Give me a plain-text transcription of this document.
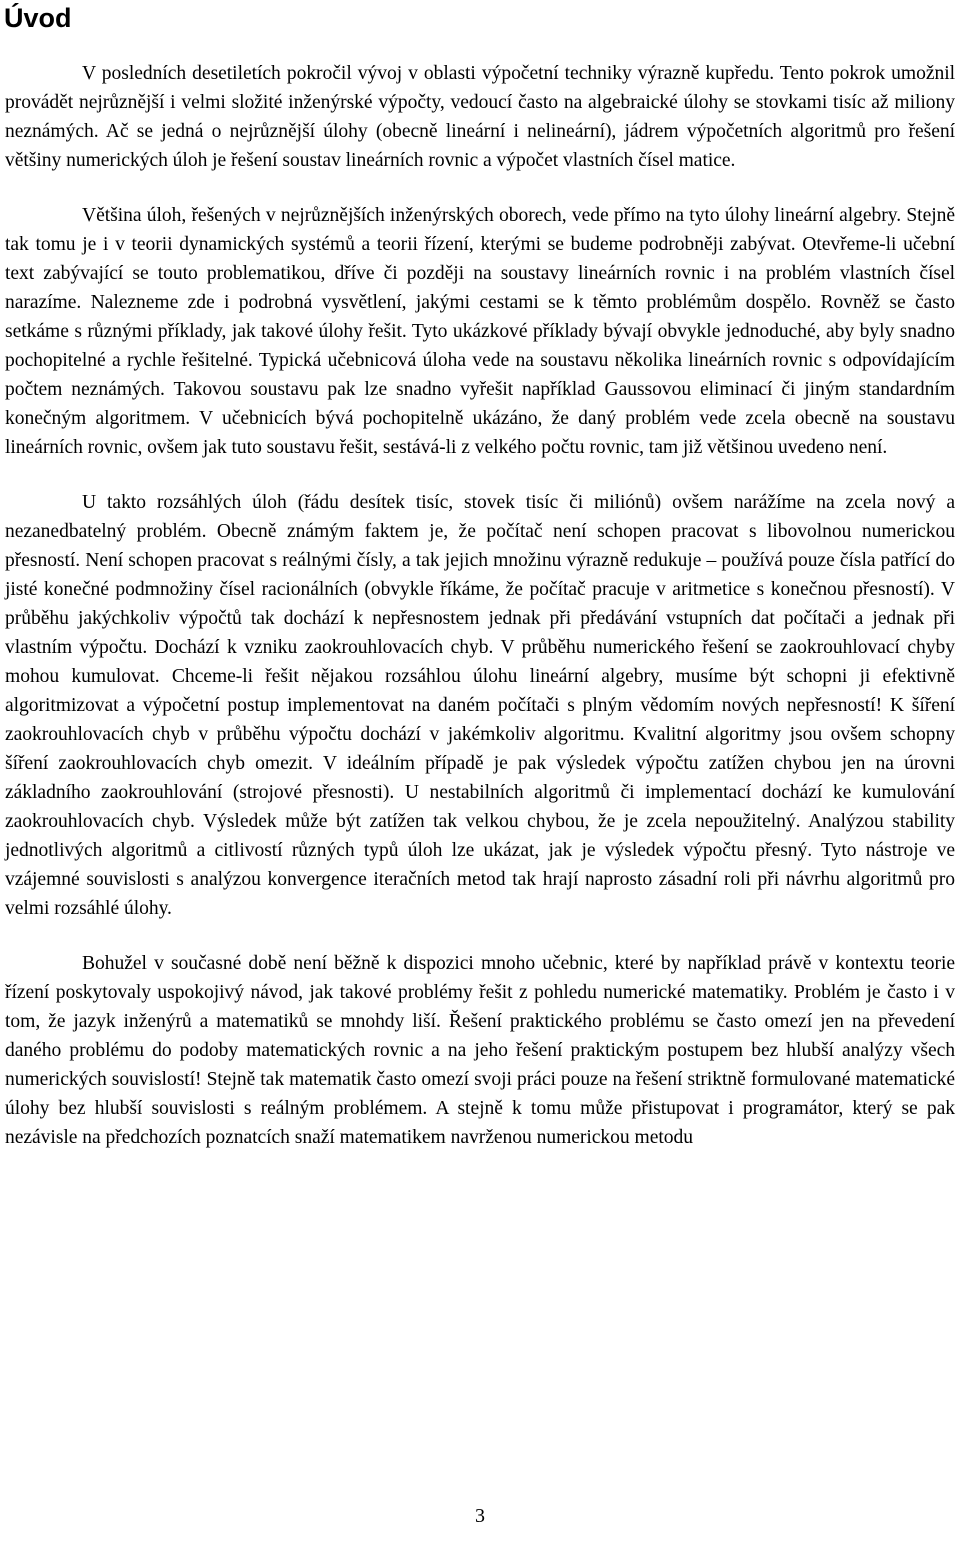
Úvod

V posledních desetiletích pokročil vývoj v oblasti výpočetní techniky výrazně kupředu. Tento pokrok umožnil provádět nejrůznější i velmi složité inženýrské výpočty, vedoucí často na algebraické úlohy se stovkami tisíc až miliony neznámých. Ač se jedná o nejrůznější úlohy (obecně lineární i nelineární), jádrem výpočetních algoritmů pro řešení většiny numerických úloh je řešení soustav lineárních rovnic a výpočet vlastních čísel matice.

Většina úloh, řešených v nejrůznějších inženýrských oborech, vede přímo na tyto úlohy lineární algebry. Stejně tak tomu je i v teorii dynamických systémů a teorii řízení, kterými se budeme podrobněji zabývat. Otevřeme-li učební text zabývající se touto problematikou, dříve či později na soustavy lineárních rovnic i na problém vlastních čísel narazíme. Nalezneme zde i podrobná vysvětlení, jakými cestami se k těmto problémům dospělo. Rovněž se často setkáme s různými příklady, jak takové úlohy řešit. Tyto ukázkové příklady bývají obvykle jednoduché, aby byly snadno pochopitelné a rychle řešitelné. Typická učebnicová úloha vede na soustavu několika lineárních rovnic s odpovídajícím počtem neznámých. Takovou soustavu pak lze snadno vyřešit například Gaussovou eliminací či jiným standardním konečným algoritmem. V učebnicích bývá pochopitelně ukázáno, že daný problém vede zcela obecně na soustavu lineárních rovnic, ovšem jak tuto soustavu řešit, sestává-li z velkého počtu rovnic, tam již většinou uvedeno není.

U takto rozsáhlých úloh (řádu desítek tisíc, stovek tisíc či miliónů) ovšem narážíme na zcela nový a nezanedbatelný problém. Obecně známým faktem je, že počítač není schopen pracovat s libovolnou numerickou přesností. Není schopen pracovat s reálnými čísly, a tak jejich množinu výrazně redukuje – používá pouze čísla patřící do jisté konečné podmnožiny čísel racionálních (obvykle říkáme, že počítač pracuje v aritmetice s konečnou přesností). V průběhu jakýchkoliv výpočtů tak dochází k nepřesnostem jednak při předávání vstupních dat počítači a jednak při vlastním výpočtu. Dochází k vzniku zaokrouhlovacích chyb. V průběhu numerického řešení se zaokrouhlovací chyby mohou kumulovat. Chceme-li řešit nějakou rozsáhlou úlohu lineární algebry, musíme být schopni ji efektivně algoritmizovat a výpočetní postup implementovat na daném počítači s plným vědomím nových nepřesností! K šíření zaokrouhlovacích chyb v průběhu výpočtu dochází v jakémkoliv algoritmu. Kvalitní algoritmy jsou ovšem schopny šíření zaokrouhlovacích chyb omezit. V ideálním případě je pak výsledek výpočtu zatížen chybou jen na úrovni základního zaokrouhlování (strojové přesnosti). U nestabilních algoritmů či implementací dochází ke kumulování zaokrouhlovacích chyb. Výsledek může být zatížen tak velkou chybou, že je zcela nepoužitelný. Analýzou stability jednotlivých algoritmů a citlivostí různých typů úloh lze ukázat, jak je výsledek výpočtu přesný. Tyto nástroje ve vzájemné souvislosti s analýzou konvergence iteračních metod tak hrají naprosto zásadní roli při návrhu algoritmů pro velmi rozsáhlé úlohy.

Bohužel v současné době není běžně k dispozici mnoho učebnic, které by například právě v kontextu teorie řízení poskytovaly uspokojivý návod, jak takové problémy řešit z pohledu numerické matematiky. Problém je často i v tom, že jazyk inženýrů a matematiků se mnohdy liší. Řešení praktického problému se často omezí jen na převedení daného problému do podoby matematických rovnic a na jeho řešení praktickým postupem bez hlubší analýzy všech numerických souvislostí! Stejně tak matematik často omezí svoji práci pouze na řešení striktně formulované matematické úlohy bez hlubší souvislosti s reálným problémem. A stejně k tomu může přistupovat i programátor, který se pak nezávisle na předchozích poznatcích snaží matematikem navrženou numerickou metodu

3
